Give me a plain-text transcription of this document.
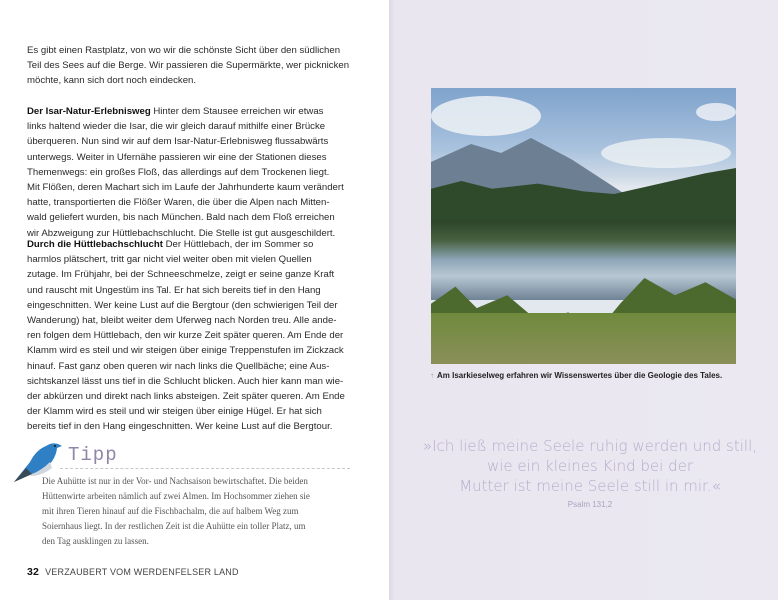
Es gibt einen Rastplatz, von wo wir die schönste Sicht über den südlichen
Teil des Sees auf die Berge. Wir passieren die Supermärkte, wer picknicken
möchte, kann sich dort noch eindecken.
Der Isar-Natur-Erlebnisweg Hinter dem Stausee erreichen wir etwas
links haltend wieder die Isar, die wir gleich darauf mithilfe einer Brücke
überqueren. Nun sind wir auf dem Isar-Natur-Erlebnisweg flussabwärts
unterwegs. Weiter in Ufernähe passieren wir eine der Stationen dieses
Themenwegs: ein großes Floß, das allerdings auf dem Trockenen liegt.
Mit Flößen, deren Machart sich im Laufe der Jahrhunderte kaum verändert
hatte, transportierten die Flößer Waren, die über die Alpen nach Mitten-
wald geliefert wurden, bis nach München. Bald nach dem Floß erreichen
wir Abzweigung zur Hüttlebachschlucht. Die Stelle ist gut ausgeschildert.
Durch die Hüttlebachschlucht Der Hüttlebach, der im Sommer so
harmlos plätschert, tritt gar nicht viel weiter oben mit vielen Quellen
zutage. Im Frühjahr, bei der Schneeschmelze, zeigt er seine ganze Kraft
und rauscht mit Ungestüm ins Tal. Er hat sich bereits tief in den Hang
eingeschnitten. Wer keine Lust auf die Bergtour (den schwierigen Teil der
Wanderung) hat, bleibt weiter dem Uferweg nach Norden treu. Alle ande-
ren folgen dem Hüttlebach, den wir kurze Zeit später queren. Am Ende der
Klamm wird es steil und wir steigen über einige Treppenstufen im Zickzack
hinauf. Fast ganz oben queren wir nach links die Quellbäche; eine Aus-
sichtskanzel lässt uns tief in die Schlucht blicken. Auch hier kann man wie-
der abkürzen und direkt nach links absteigen. Zeit später queren. Am Ende
der Klamm wird es steil und wir steigen über einige Hügel. Er hat sich
bereits tief in den Hang eingeschnitten. Wer keine Lust auf die Bergtour.
Tipp
Die Auhütte ist nur in der Vor- und Nachsaison bewirtschaftet. Die beiden
Hüttenwirte arbeiten nämlich auf zwei Almen. Im Hochsommer ziehen sie
mit ihren Tieren hinauf auf die Fischbachalm, die auf halbem Weg zum
Soiernhaus liegt. In der restlichen Zeit ist die Auhütte ein toller Platz, um
den Tag ausklingen zu lassen.
32 VERZAUBERT VOM WERDENFELSER LAND
↑ Am Isarkieselweg erfahren wir Wissenswertes über die Geologie des Tales.
»Ich ließ meine Seele ruhig werden und still,
wie ein kleines Kind bei der
Mutter ist meine Seele still in mir.«
Psalm 131,2
